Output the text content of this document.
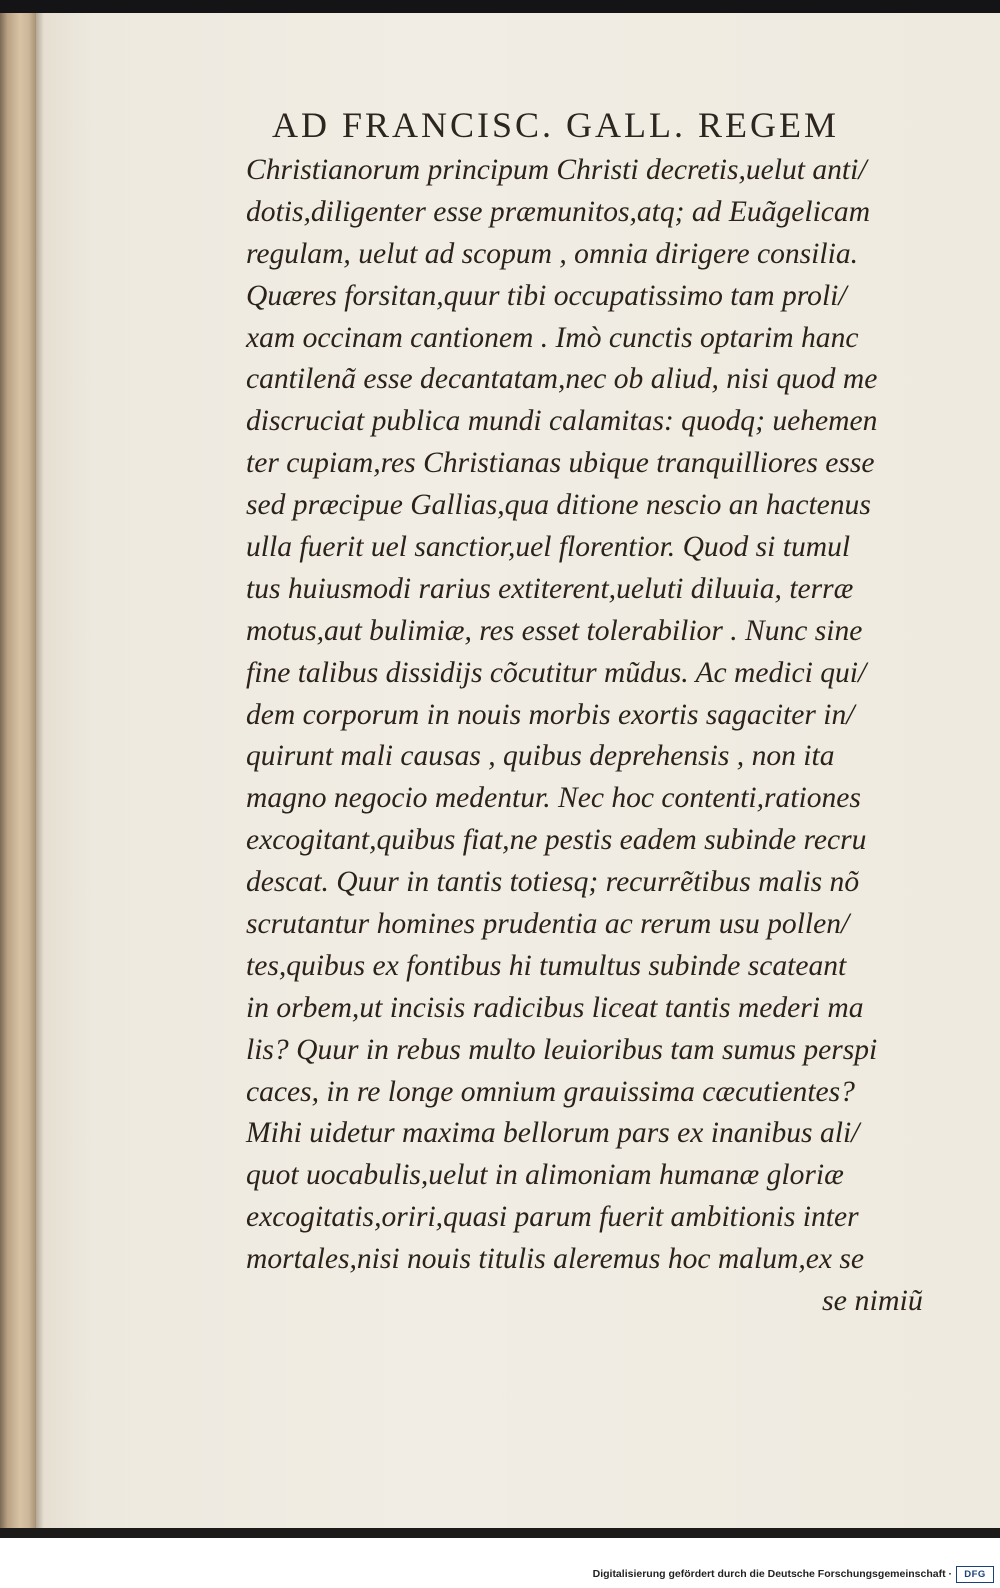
AD FRANCISC. GALL. REGEM
Christianorum principum Christi decretis,uelut anti/
dotis,diligenter esse præmunitos,atq; ad Euãgelicam
regulam, uelut ad scopum , omnia dirigere consilia.
Quæres forsitan,quur tibi occupatissimo tam proli/
xam occinam cantionem . Imò cunctis optarim hanc
cantilenã esse decantatam,nec ob aliud, nisi quod me
discruciat publica mundi calamitas: quodq; uehemen
ter cupiam,res Christianas ubique tranquilliores esse
sed præcipue Gallias,qua ditione nescio an hactenus
ulla fuerit uel sanctior,uel florentior. Quod si tumul
tus huiusmodi rarius extiterent,ueluti diluuia, terræ
motus,aut bulimiæ, res esset tolerabilior . Nunc sine
fine talibus dissidijs cõcutitur mũdus. Ac medici qui/
dem corporum in nouis morbis exortis sagaciter in/
quirunt mali causas , quibus deprehensis , non ita
magno negocio medentur. Nec hoc contenti,rationes
excogitant,quibus fiat,ne pestis eadem subinde recru
descat. Quur in tantis totiesq; recurrẽtibus malis nõ
scrutantur homines prudentia ac rerum usu pollen/
tes,quibus ex fontibus hi tumultus subinde scateant
in orbem,ut incisis radicibus liceat tantis mederi ma
lis? Quur in rebus multo leuioribus tam sumus perspi
caces, in re longe omnium grauissima cæcutientes?
Mihi uidetur maxima bellorum pars ex inanibus ali/
quot uocabulis,uelut in alimoniam humanæ gloriæ
excogitatis,oriri,quasi parum fuerit ambitionis inter
mortales,nisi nouis titulis aleremus hoc malum,ex se
se nimiũ
Digitalisierung gefördert durch die Deutsche Forschungsgemeinschaft ·	DFG
